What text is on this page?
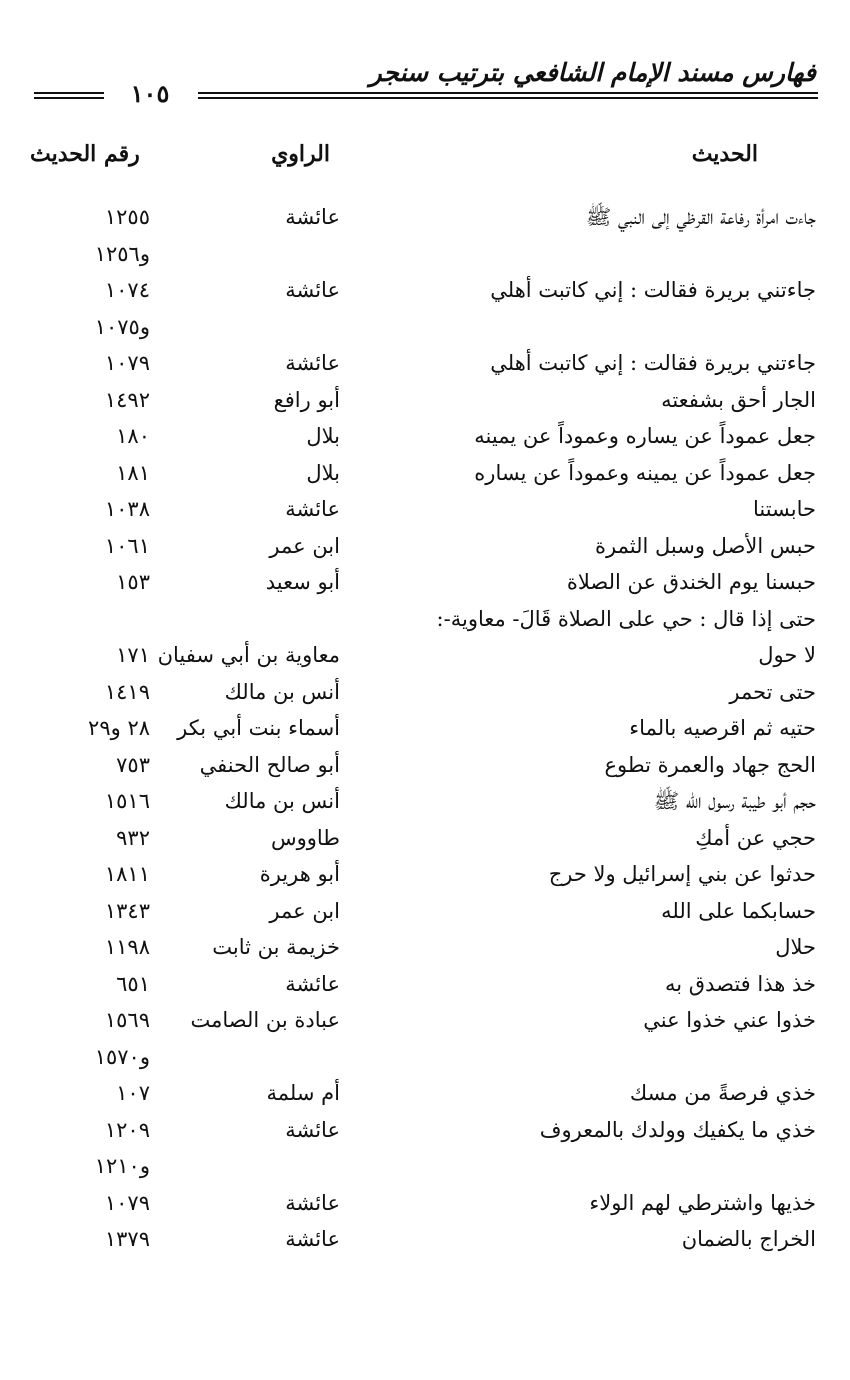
فهارس مسند الإمام الشافعي بترتيب سنجر
١٠٥
الحديث
الراوي
رقم الحديث
جاءت امرأة رفاعة القرظي إلى النبي ﷺ
عائشة
١٢٥٥
و١٢٥٦
جاءتني بريرة فقالت : إني كاتبت أهلي
عائشة
١٠٧٤
و١٠٧٥
جاءتني بريرة فقالت : إني كاتبت أهلي
عائشة
١٠٧٩
الجار أحق بشفعته
أبو رافع
١٤٩٢
جعل عموداً عن يساره وعموداً عن يمينه
بلال
١٨٠
جعل عموداً عن يمينه وعموداً عن يساره
بلال
١٨١
حابستنا
عائشة
١٠٣٨
حبس الأصل وسبل الثمرة
ابن عمر
١٠٦١
حبسنا يوم الخندق عن الصلاة
أبو سعيد
١٥٣
حتى إذا قال : حي على الصلاة قَالَ- معاوية-:
لا حول
معاوية بن أبي سفيان
١٧١
حتى تحمر
أنس بن مالك
١٤١٩
حتيه ثم اقرصيه بالماء
أسماء بنت أبي بكر
٢٨ و٢٩
الحج جهاد والعمرة تطوع
أبو صالح الحنفي
٧٥٣
حجم أبو طيبة رسول الله ﷺ
أنس بن مالك
١٥١٦
حجي عن أمكِ
طاووس
٩٣٢
حدثوا عن بني إسرائيل ولا حرج
أبو هريرة
١٨١١
حسابكما على الله
ابن عمر
١٣٤٣
حلال
خزيمة بن ثابت
١١٩٨
خذ هذا فتصدق به
عائشة
٦٥١
خذوا عني خذوا عني
عبادة بن الصامت
١٥٦٩
و١٥٧٠
خذي فرصةً من مسك
أم سلمة
١٠٧
خذي ما يكفيك وولدك بالمعروف
عائشة
١٢٠٩
و١٢١٠
خذيها واشترطي لهم الولاء
عائشة
١٠٧٩
الخراج بالضمان
عائشة
١٣٧٩
